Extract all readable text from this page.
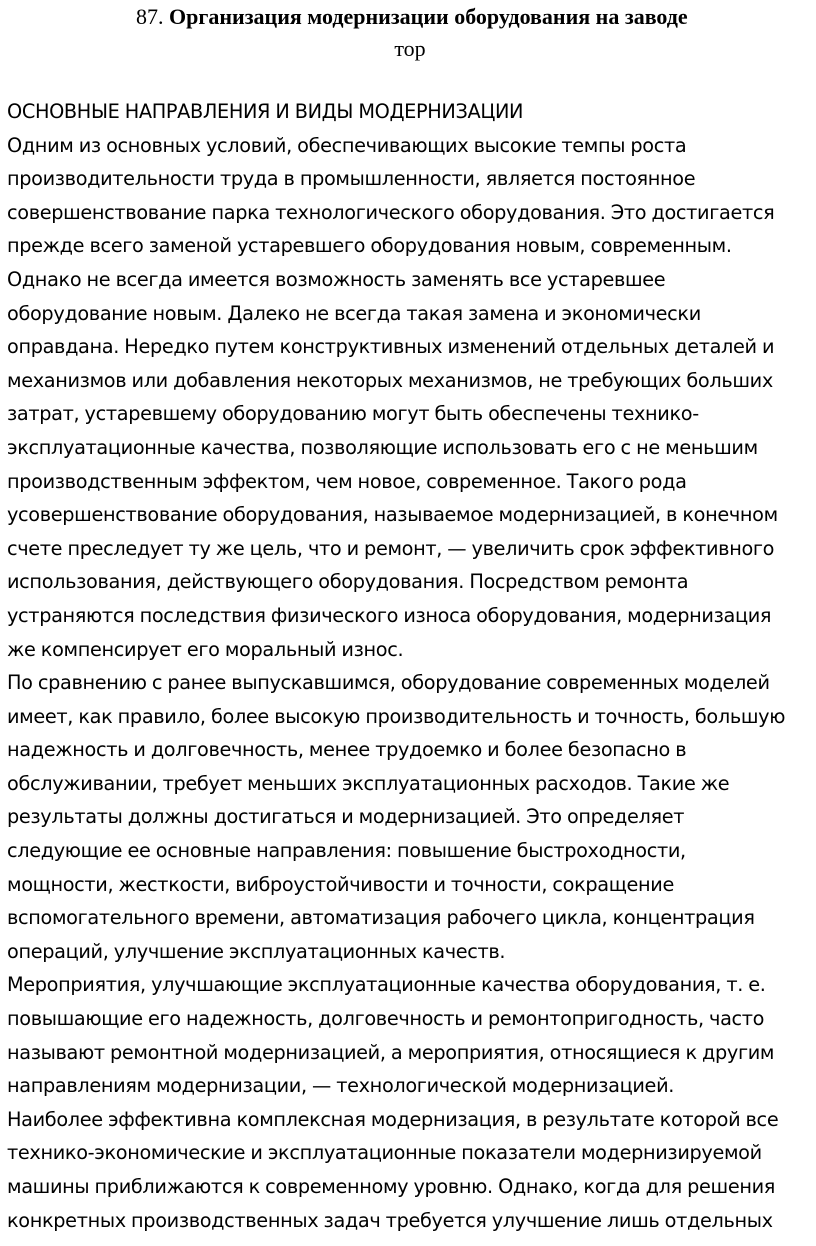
87. Организация модернизации оборудования на заводе
тор
ОСНОВНЫЕ НАПРАВЛЕНИЯ И ВИДЫ МОДЕРНИЗАЦИИ
Одним из основных условий, обеспечивающих высокие темпы роста
производительности труда в промышленности, является постоянное
совершенствование парка технологического оборудования. Это достигается
прежде всего заменой устаревшего оборудования новым, современным.
Однако не всегда имеется возможность заменять все устаревшее
оборудование новым. Далеко не всегда такая замена и экономически
оправдана. Нередко путем конструктивных изменений отдельных деталей и
механизмов или добавления некоторых механизмов, не требующих больших
затрат, устаревшему оборудованию могут быть обеспечены технико-
эксплуатационные качества, позволяющие использовать его с не меньшим
производственным эффектом, чем новое, современное. Такого рода
усовершенствование оборудования, называемое модернизацией, в конечном
счете преследует ту же цель, что и ремонт, — увеличить срок эффективного
использования, действующего оборудования. Посредством ремонта
устраняются последствия физического износа оборудования, модернизация
же компенсирует его моральный износ.
По сравнению с ранее выпускавшимся, оборудование современных моделей
имеет, как правило, более высокую производительность и точность, большую
надежность и долговечность, менее трудоемко и более безопасно в
обслуживании, требует меньших эксплуатационных расходов. Такие же
результаты должны достигаться и модернизацией. Это определяет
следующие ее основные направления: повышение быстроходности,
мощности, жесткости, виброустойчивости и точности, сокращение
вспомогательного времени, автоматизация рабочего цикла, концентрация
операций, улучшение эксплуатационных качеств.
Мероприятия, улучшающие эксплуатационные качества оборудования, т. е.
повышающие его надежность, долговечность и ремонтопригодность, часто
называют ремонтной модернизацией, а мероприятия, относящиеся к другим
направлениям модернизации, — технологической модернизацией.
Наиболее эффективна комплексная модернизация, в результате которой все
технико-экономические и эксплуатационные показатели модернизируемой
машины приближаются к современному уровню. Однако, когда для решения
конкретных производственных задач требуется улучшение лишь отдельных
